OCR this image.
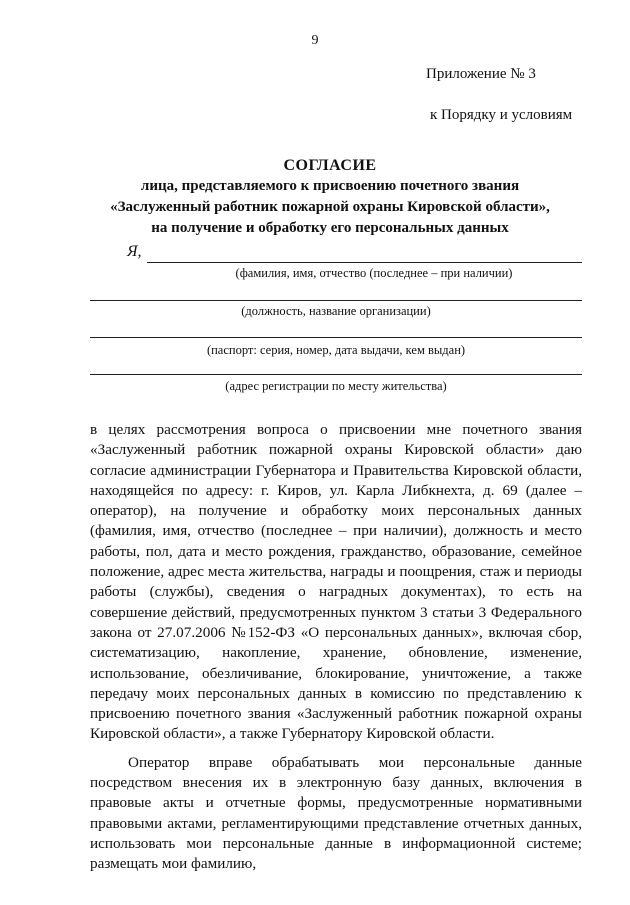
9
Приложение № 3
к Порядку и условиям
СОГЛАСИЕ
лица, представляемого к присвоению почетного звания
«Заслуженный работник пожарной охраны Кировской области»,
на получение и обработку его персональных данных
Я,
(фамилия, имя, отчество (последнее – при наличии)
(должность, название организации)
(паспорт: серия, номер, дата выдачи, кем выдан)
(адрес регистрации по месту жительства)

в целях рассмотрения вопроса о присвоении мне почетного звания «Заслуженный работник пожарной охраны Кировской области» даю согласие администрации Губернатора и Правительства Кировской области, находящейся по адресу: г. Киров, ул. Карла Либкнехта, д. 69 (далее – оператор), на получение и обработку моих персональных данных (фамилия, имя, отчество (последнее – при наличии), должность и место работы, пол, дата и место рождения, гражданство, образование, семейное положение, адрес места жительства, награды и поощрения, стаж и периоды работы (службы), сведения о наградных документах), то есть на совершение действий, предусмотренных пунктом 3 статьи 3 Федерального закона от 27.07.2006 №152-ФЗ «О персональных данных», включая сбор, систематизацию, накопление, хранение, обновление, изменение, использование, обезличивание, блокирование, уничтожение, а также передачу моих персональных данных в комиссию по представлению к присвоению почетного звания «Заслуженный работник пожарной охраны Кировской области», а также Губернатору Кировской области.

Оператор вправе обрабатывать мои персональные данные посредством внесения их в электронную базу данных, включения в правовые акты и отчетные формы, предусмотренные нормативными правовыми актами, регламентирующими представление отчетных данных, использовать мои персональные данные в информационной системе; размещать мои фамилию,
